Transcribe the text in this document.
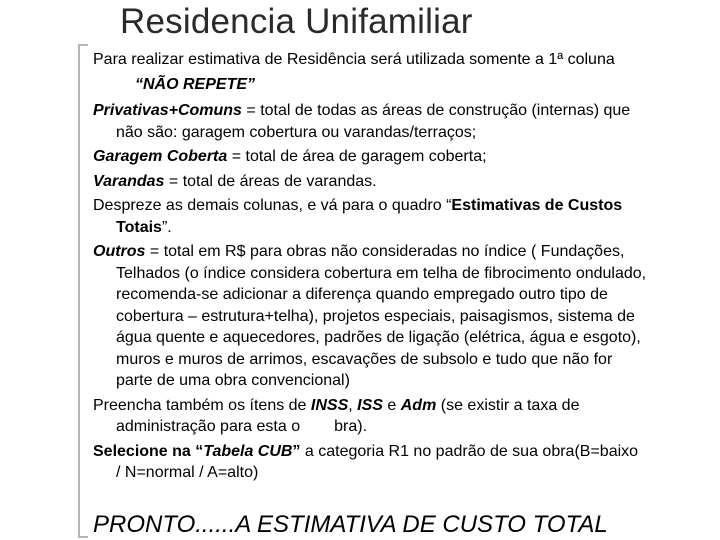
Residencia Unifamiliar
Para realizar estimativa de Residência será utilizada somente a 1ª coluna
“NÃO REPETE”
Privativas+Comuns = total de todas as áreas de construção (internas) que
não são: garagem cobertura ou varandas/terraços;
Garagem Coberta = total de área de garagem coberta;
Varandas = total de áreas de varandas.
Despreze as demais colunas, e vá para o quadro “Estimativas de Custos
Totais”.
Outros = total em R$ para obras não consideradas no índice ( Fundações,
Telhados (o índice considera cobertura em telha de fibrocimento ondulado,
recomenda-se adicionar a diferença quando empregado outro tipo de
cobertura – estrutura+telha), projetos especiais, paisagismos, sistema de
água quente e aquecedores, padrões de ligação (elétrica, água e esgoto),
muros e muros de arrimos, escavações de subsolo e tudo que não for
parte de uma obra convencional)
Preencha também os ítens de INSS, ISS e Adm (se existir a taxa de
administração para esta o bra).
Selecione na “Tabela CUB” a categoria R1 no padrão de sua obra(B=baixo
/ N=normal / A=alto)
PRONTO......A ESTIMATIVA DE CUSTO TOTAL
